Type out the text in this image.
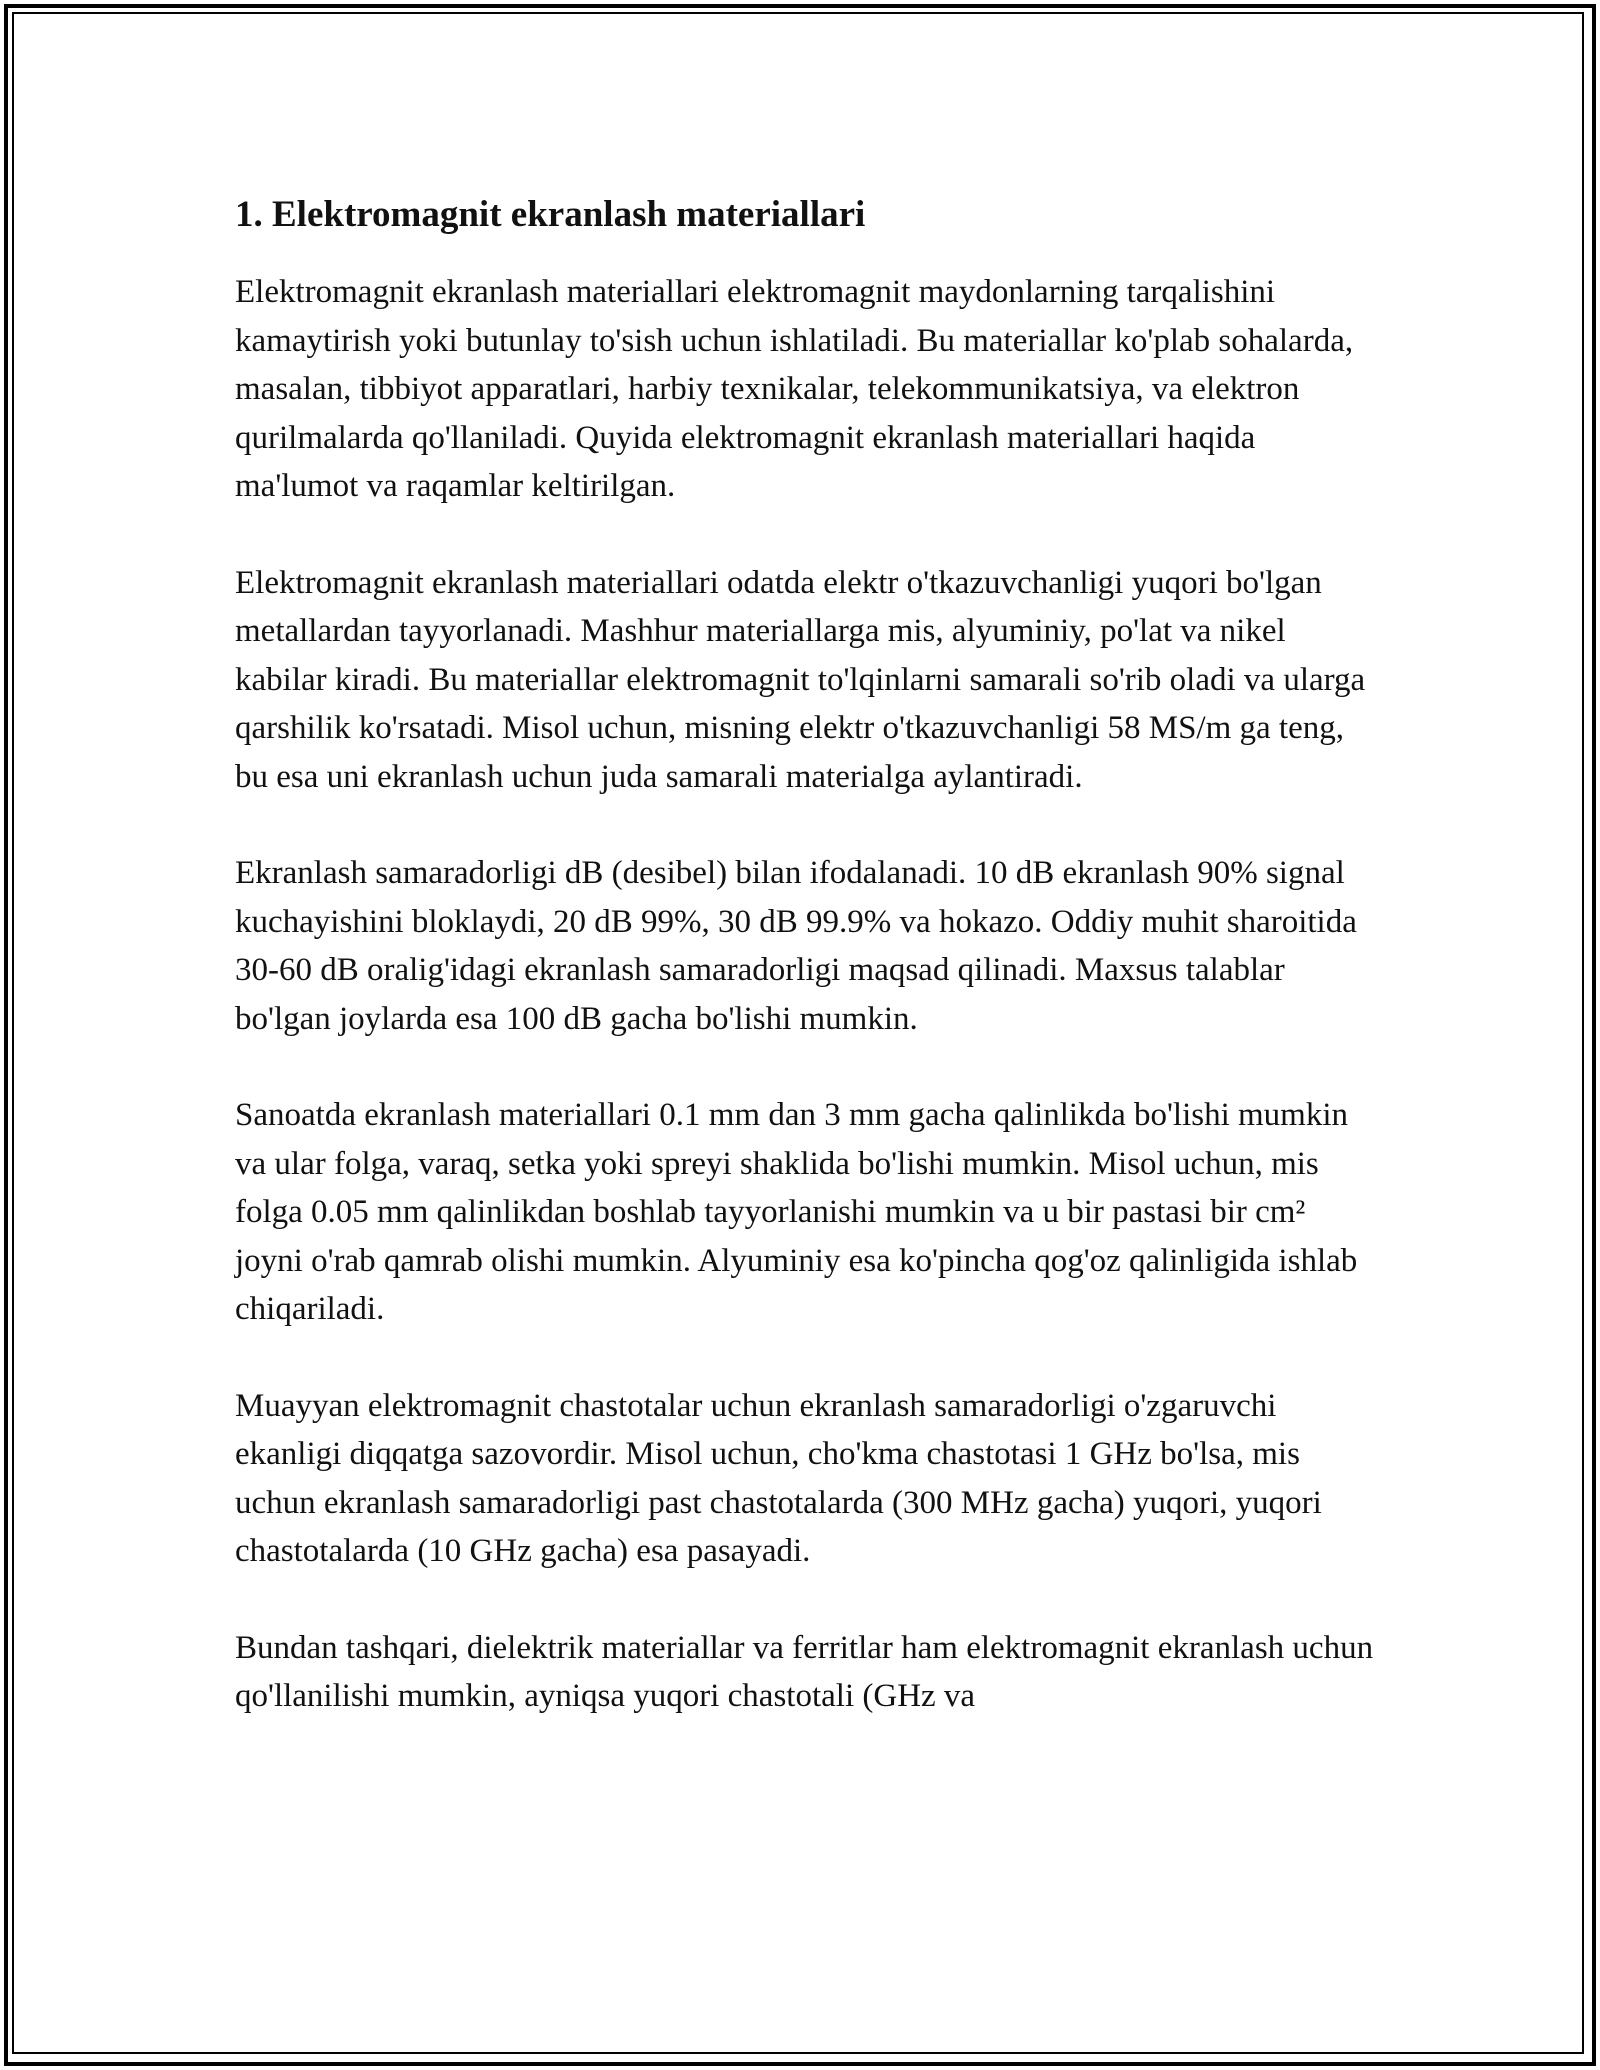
1. Elektromagnit ekranlash materiallari

Elektromagnit ekranlash materiallari elektromagnit maydonlarning tarqalishini kamaytirish yoki butunlay to'sish uchun ishlatiladi. Bu materiallar ko'plab sohalarda, masalan, tibbiyot apparatlari, harbiy texnikalar, telekommunikatsiya, va elektron qurilmalarda qo'llaniladi. Quyida elektromagnit ekranlash materiallari haqida ma'lumot va raqamlar keltirilgan.

Elektromagnit ekranlash materiallari odatda elektr o'tkazuvchanligi yuqori bo'lgan metallardan tayyorlanadi. Mashhur materiallarga mis, alyuminiy, po'lat va nikel kabilar kiradi. Bu materiallar elektromagnit to'lqinlarni samarali so'rib oladi va ularga qarshilik ko'rsatadi. Misol uchun, misning elektr o'tkazuvchanligi 58 MS/m ga teng, bu esa uni ekranlash uchun juda samarali materialga aylantiradi.

Ekranlash samaradorligi dB (desibel) bilan ifodalanadi. 10 dB ekranlash 90% signal kuchayishini bloklaydi, 20 dB 99%, 30 dB 99.9% va hokazo. Oddiy muhit sharoitida 30-60 dB oralig'idagi ekranlash samaradorligi maqsad qilinadi. Maxsus talablar bo'lgan joylarda esa 100 dB gacha bo'lishi mumkin.

Sanoatda ekranlash materiallari 0.1 mm dan 3 mm gacha qalinlikda bo'lishi mumkin va ular folga, varaq, setka yoki spreyi shaklida bo'lishi mumkin. Misol uchun, mis folga 0.05 mm qalinlikdan boshlab tayyorlanishi mumkin va u bir pastasi bir cm² joyni o'rab qamrab olishi mumkin. Alyuminiy esa ko'pincha qog'oz qalinligida ishlab chiqariladi.

Muayyan elektromagnit chastotalar uchun ekranlash samaradorligi o'zgaruvchi ekanligi diqqatga sazovordir. Misol uchun, cho'kma chastotasi 1 GHz bo'lsa, mis uchun ekranlash samaradorligi past chastotalarda (300 MHz gacha) yuqori, yuqori chastotalarda (10 GHz gacha) esa pasayadi.

Bundan tashqari, dielektrik materiallar va ferritlar ham elektromagnit ekranlash uchun qo'llanilishi mumkin, ayniqsa yuqori chastotali (GHz va
